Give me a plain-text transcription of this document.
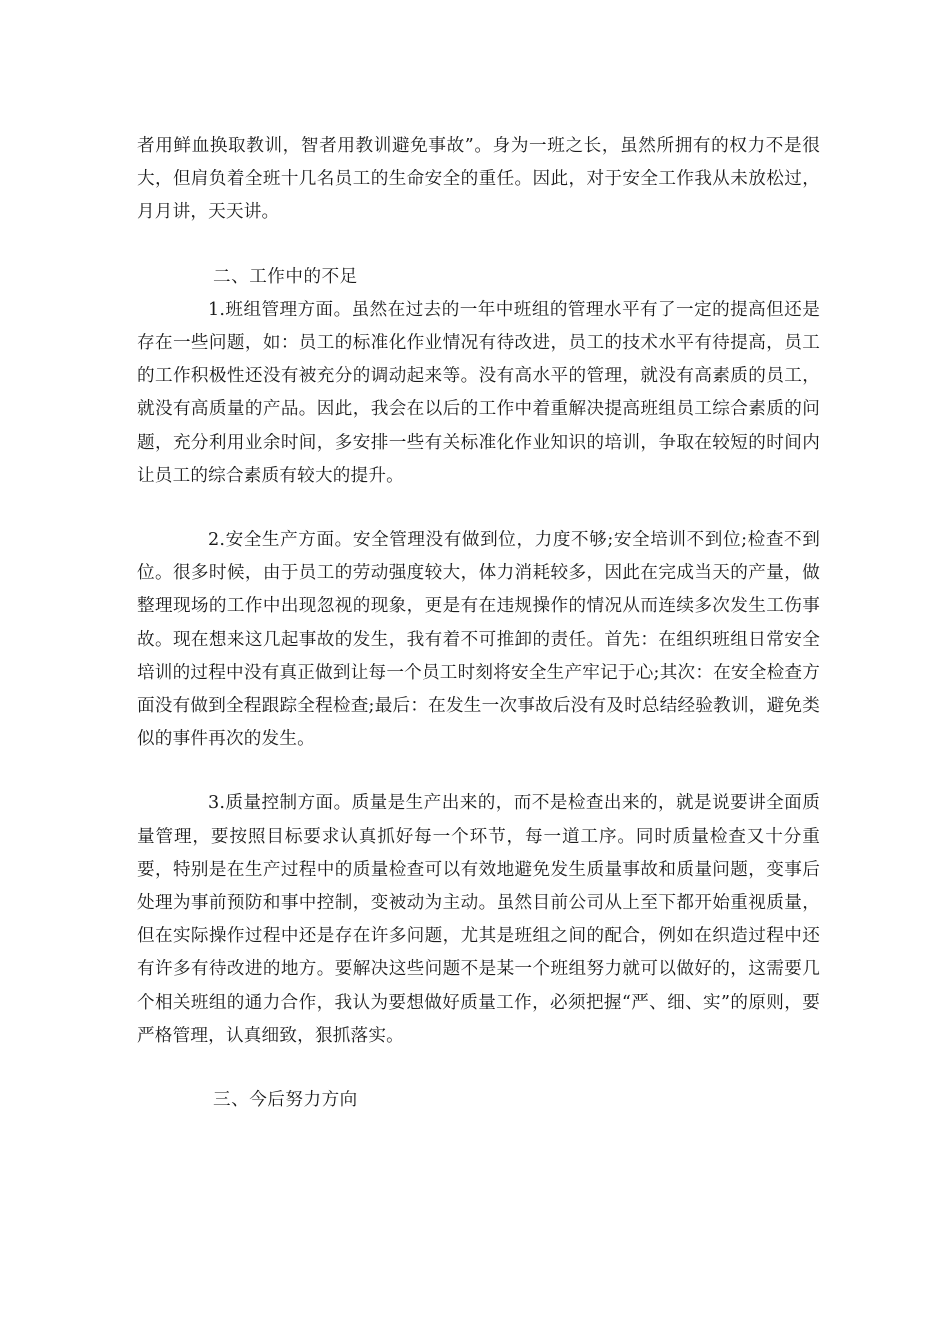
者用鲜血换取教训，智者用教训避免事故”。身为一班之长，虽然所拥有的权力不是很大，但肩负着全班十几名员工的生命安全的重任。因此，对于安全工作我从未放松过，月月讲，天天讲。

二、工作中的不足

1.班组管理方面。虽然在过去的一年中班组的管理水平有了一定的提高但还是存在一些问题，如：员工的标准化作业情况有待改进，员工的技术水平有待提高，员工的工作积极性还没有被充分的调动起来等。没有高水平的管理，就没有高素质的员工，就没有高质量的产品。因此，我会在以后的工作中着重解决提高班组员工综合素质的问题，充分利用业余时间，多安排一些有关标准化作业知识的培训，争取在较短的时间内让员工的综合素质有较大的提升。

2.安全生产方面。安全管理没有做到位，力度不够;安全培训不到位;检查不到位。很多时候，由于员工的劳动强度较大，体力消耗较多，因此在完成当天的产量，做整理现场的工作中出现忽视的现象，更是有在违规操作的情况从而连续多次发生工伤事故。现在想来这几起事故的发生，我有着不可推卸的责任。首先：在组织班组日常安全培训的过程中没有真正做到让每一个员工时刻将安全生产牢记于心;其次：在安全检查方面没有做到全程跟踪全程检查;最后：在发生一次事故后没有及时总结经验教训，避免类似的事件再次的发生。

3.质量控制方面。质量是生产出来的，而不是检查出来的，就是说要讲全面质量管理，要按照目标要求认真抓好每一个环节，每一道工序。同时质量检查又十分重要，特别是在生产过程中的质量检查可以有效地避免发生质量事故和质量问题，变事后处理为事前预防和事中控制，变被动为主动。虽然目前公司从上至下都开始重视质量，但在实际操作过程中还是存在许多问题，尤其是班组之间的配合，例如在织造过程中还有许多有待改进的地方。要解决这些问题不是某一个班组努力就可以做好的，这需要几个相关班组的通力合作，我认为要想做好质量工作，必须把握“严、细、实”的原则，要严格管理，认真细致，狠抓落实。

三、今后努力方向
